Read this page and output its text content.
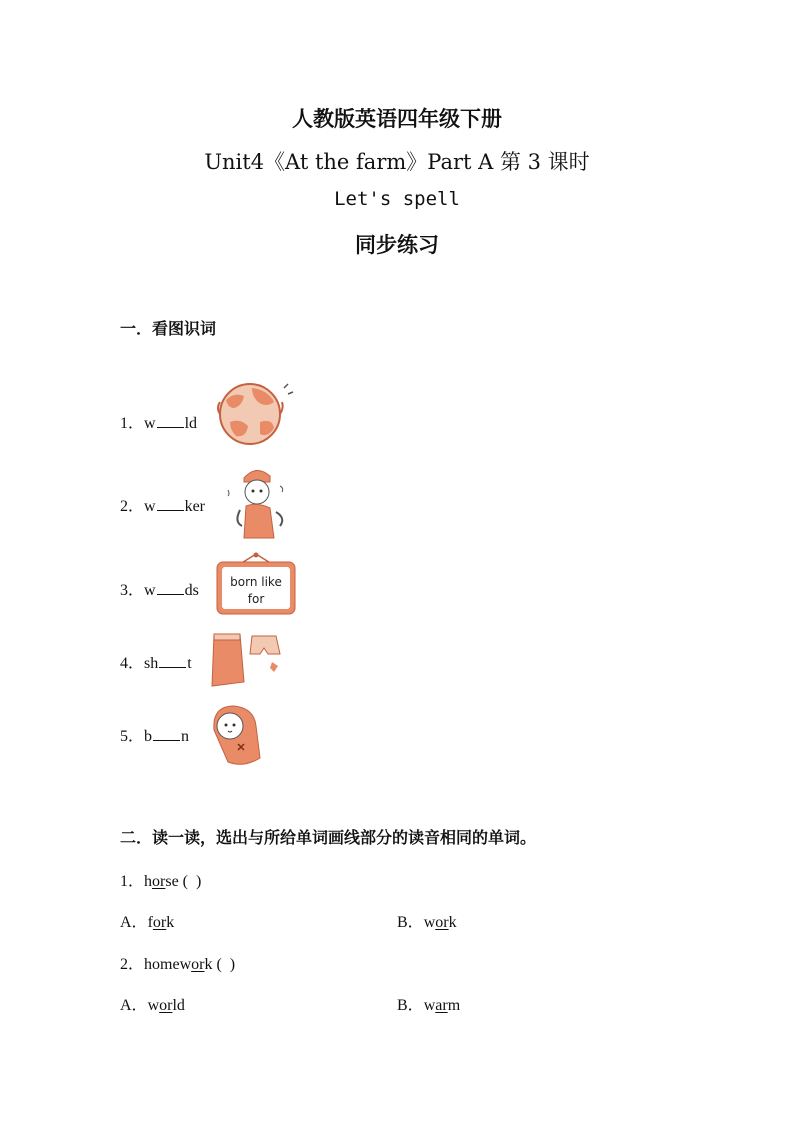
人教版英语四年级下册
Unit4《At the farm》Part A 第 3 课时
Let's spell
同步练习
一．看图识词
1．w ld
2．w ker
3．w ds	born like
for
4．sh t
5．b n
二．读一读，选出与所给单词画线部分的读音相同的单词。
1．horse (  )
A．fork	B．work
2．homework (  )
A．world	B．warm
